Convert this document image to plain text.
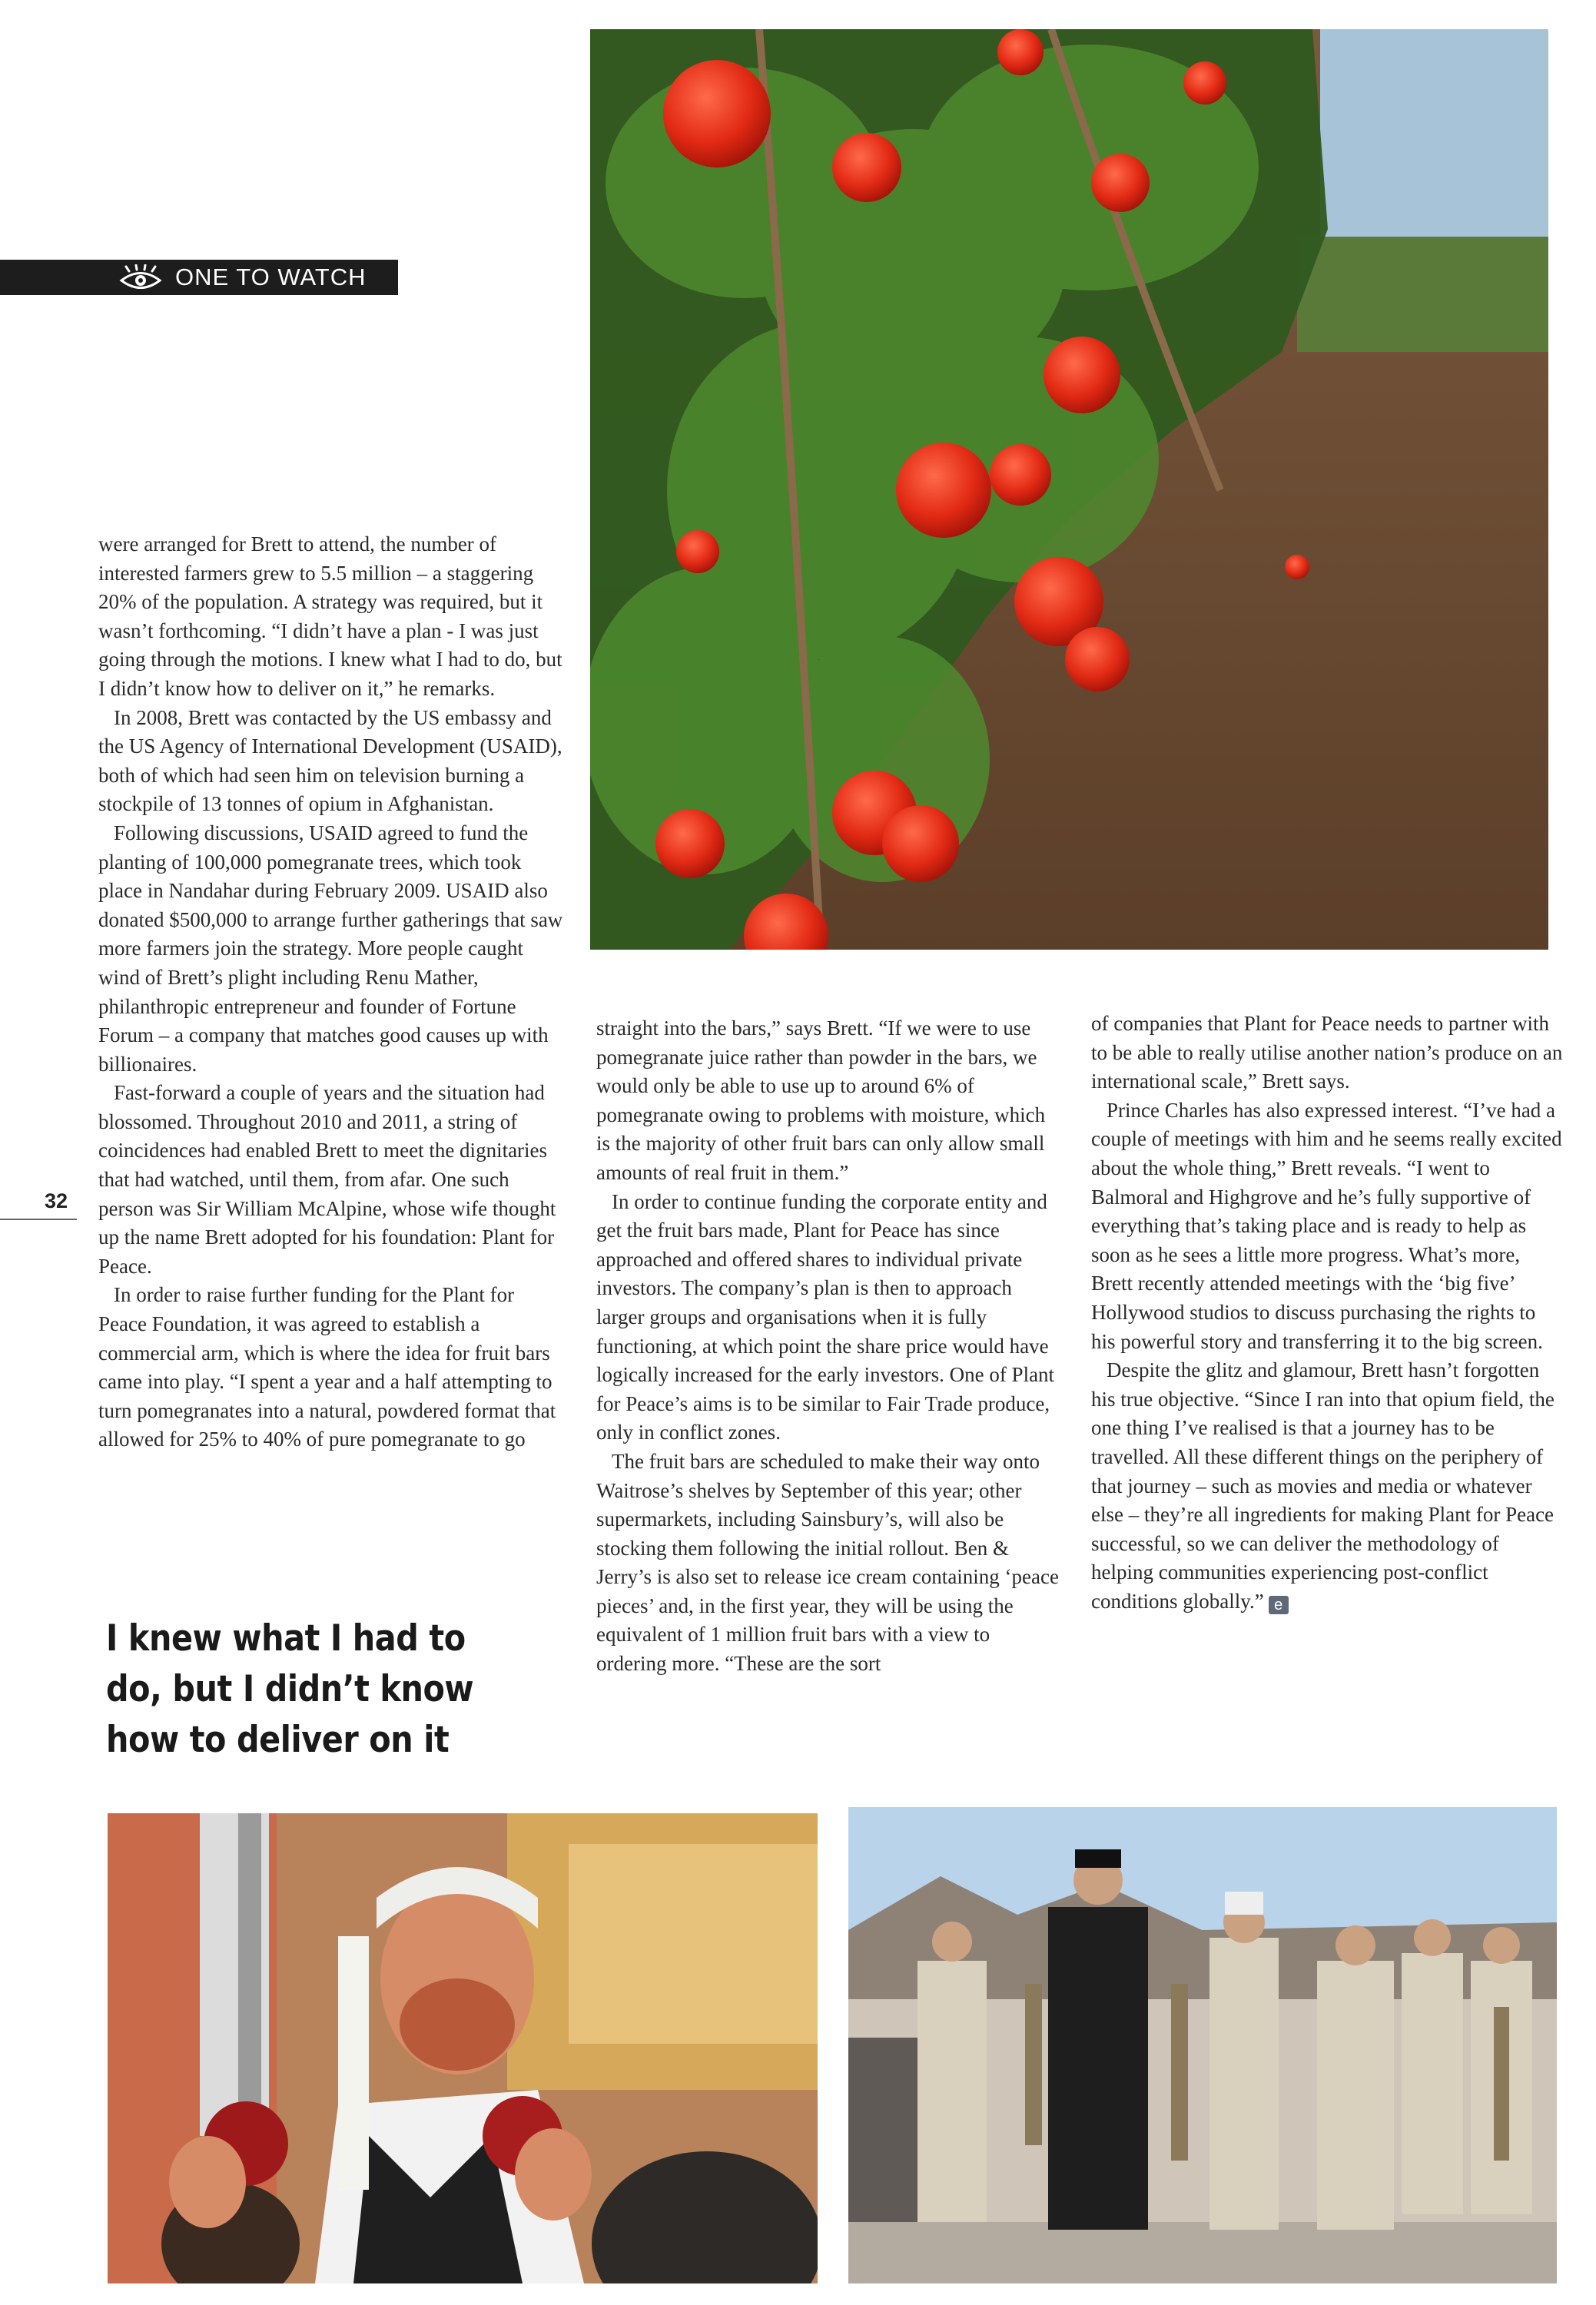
ONE TO WATCH

were arranged for Brett to attend, the number of interested farmers grew to 5.5 million – a staggering 20% of the population. A strategy was required, but it wasn’t forthcoming. “I didn’t have a plan - I was just going through the motions. I knew what I had to do, but I didn’t know how to deliver on it,” he remarks.

In 2008, Brett was contacted by the US embassy and the US Agency of International Development (USAID), both of which had seen him on television burning a stockpile of 13 tonnes of opium in Afghanistan.

Following discussions, USAID agreed to fund the planting of 100,000 pomegranate trees, which took place in Nandahar during February 2009. USAID also donated $500,000 to arrange further gatherings that saw more farmers join the strategy. More people caught wind of Brett’s plight including Renu Mather, philanthropic entrepreneur and founder of Fortune Forum – a company that matches good causes up with billionaires.

Fast-forward a couple of years and the situation had blossomed. Throughout 2010 and 2011, a string of coincidences had enabled Brett to meet the dignitaries that had watched, until them, from afar. One such person was Sir William McAlpine, whose wife thought up the name Brett adopted for his foundation: Plant for Peace.

In order to raise further funding for the Plant for Peace Foundation, it was agreed to establish a commercial arm, which is where the idea for fruit bars came into play. “I spent a year and a half attempting to turn pomegranates into a natural, powdered format that allowed for 25% to 40% of pure pomegranate to go

32

I knew what I had to do, but I didn’t know how to deliver on it

straight into the bars,” says Brett. “If we were to use pomegranate juice rather than powder in the bars, we would only be able to use up to around 6% of pomegranate owing to problems with moisture, which is the majority of other fruit bars can only allow small amounts of real fruit in them.”

In order to continue funding the corporate entity and get the fruit bars made, Plant for Peace has since approached and offered shares to individual private investors. The company’s plan is then to approach larger groups and organisations when it is fully functioning, at which point the share price would have logically increased for the early investors. One of Plant for Peace’s aims is to be similar to Fair Trade produce, only in conflict zones.

The fruit bars are scheduled to make their way onto Waitrose’s shelves by September of this year; other supermarkets, including Sainsbury’s, will also be stocking them following the initial rollout. Ben & Jerry’s is also set to release ice cream containing ‘peace pieces’ and, in the first year, they will be using the equivalent of 1 million fruit bars with a view to ordering more. “These are the sort

of companies that Plant for Peace needs to partner with to be able to really utilise another nation’s produce on an international scale,” Brett says.

Prince Charles has also expressed interest. “I’ve had a couple of meetings with him and he seems really excited about the whole thing,” Brett reveals. “I went to Balmoral and Highgrove and he’s fully supportive of everything that’s taking place and is ready to help as soon as he sees a little more progress. What’s more, Brett recently attended meetings with the ‘big five’ Hollywood studios to discuss purchasing the rights to his powerful story and transferring it to the big screen.

Despite the glitz and glamour, Brett hasn’t forgotten his true objective. “Since I ran into that opium field, the one thing I’ve realised is that a journey has to be travelled. All these different things on the periphery of that journey – such as movies and media or whatever else – they’re all ingredients for making Plant for Peace successful, so we can deliver the methodology of helping communities experiencing post-conflict conditions globally.” e
